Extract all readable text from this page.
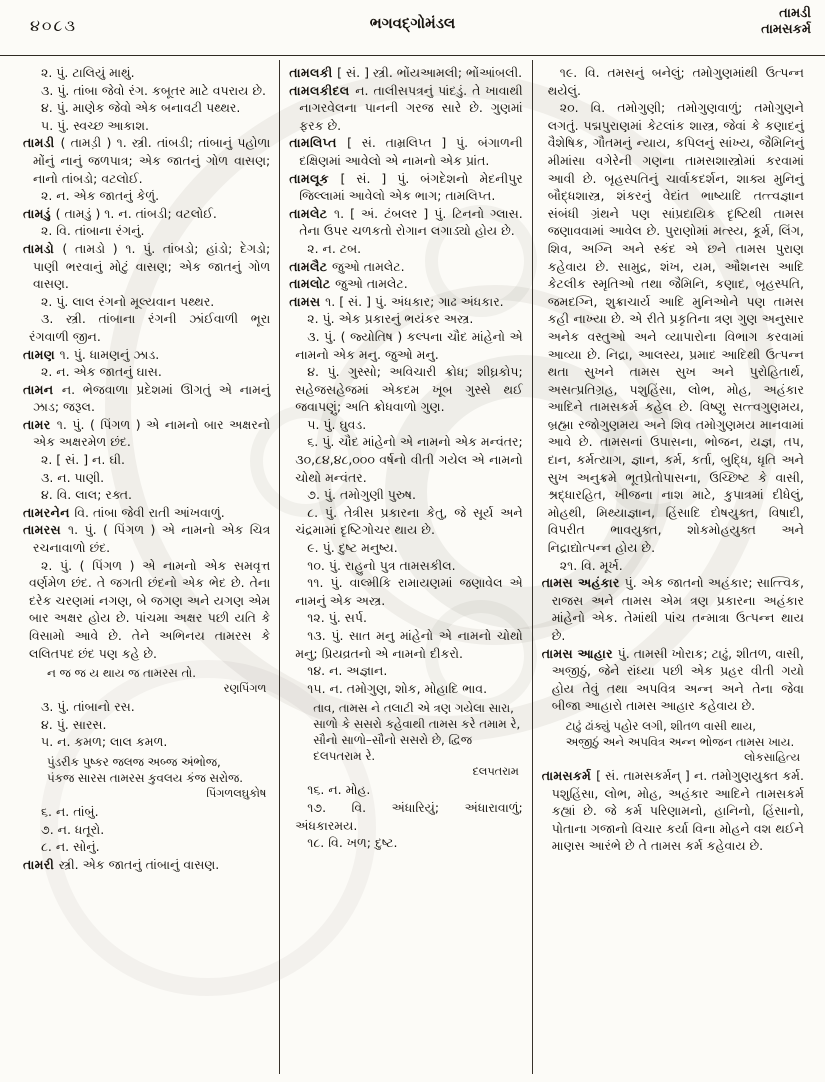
૪૦૮૩	ભગવદ્ગોમંડલ
તામડી
તામસકર્મ

૨. પું. ટાલિયું માથું.

૩. પું. તાંબા જેવો રંગ. કબૂતર માટે વપરાય છે.

૪. પું. માણેક જેવો એક બનાવટી પથ્થર.

૫. પું. સ્વચ્છ આકાશ.

તામડી ( તામડ઼ી ) ૧. સ્ત્રી. તાંબડી; તાંબાનું પહોળા મોંનું નાનું જળપાત્ર; એક જાતનું ગોળ વાસણ; નાનો તાંબડો; વટલોઈ.

૨. ન. એક જાતનું કેળું.

તામડું ( તામડું ) ૧. ન. તાંબડી; વટલોઈ.

૨. વિ. તાંબાના રંગનું.

તામડો ( તામડો ) ૧. પું. તાંબડો; હાંડો; દેગડો; પાણી ભરવાનું મોટું વાસણ; એક જાતનું ગોળ વાસણ.

૨. પું. લાલ રંગનો મૂલ્યવાન પથ્થર.

૩. સ્ત્રી. તાંબાના રંગની ઝાંઈવાળી ભૂરા રંગવાળી જીન.

તામણ ૧. પું. ધામણનું ઝાડ.

૨. ન. એક જાતનું ઘાસ.

તામન ન. ભેજવાળા પ્રદેશમાં ઊગતું એ નામનું ઝાડ; જરૂલ.

તામર ૧. પું. ( પિંગળ ) એ નામનો બાર અક્ષરનો એક અક્ષરમેળ છંદ.

૨. [ સં. ] ન. ઘી.

૩. ન. પાણી.

૪. વિ. લાલ; રક્ત.

તામરનેન વિ. તાંબા જેવી રાતી આંખવાળું.

તામરસ ૧. પું. ( પિંગળ ) એ નામનો એક ચિત્ર રચનાવાળો છંદ.

૨. પું. ( પિંગળ ) એ નામનો એક સમવૃત્ત વર્ણમેળ છંદ. તે જગતી છંદનો એક ભેદ છે. તેના દરેક ચરણમાં નગણ, બે જગણ અને યગણ એમ બાર અક્ષર હોય છે. પાંચમા અક્ષર પછી યતિ કે વિસામો આવે છે. તેને અભિનય તામરસ કે લલિતપદ છંદ પણ કહે છે.

ન જ જ ય થાય જ તામરસ તો.
રણપિંગળ

૩. પું. તાંબાનો રસ.

૪. પું. સારસ.

૫. ન. કમળ; લાલ કમળ.

પુંડરીક પુષ્કર જલજ અબ્જ અંભોજ,
પંકજ સારસ તામરસ કુવલય કંજ સરોજ.
પિંગળલઘુકોષ

૬. ન. તાંબું.

૭. ન. ધતૂરો.

૮. ન. સોનું.

તામરી સ્ત્રી. એક જાતનું તાંબાનું વાસણ.

તામલકી [ સં. ] સ્ત્રી. ભોંયઆમલી; ભોંઆંબલી.

તામલકીદલ ન. તાલીસપત્રનું પાંદડું. તે ખાવાથી નાગરવેલના પાનની ગરજ સારે છે. ગુણમાં ફરક છે.

તામલિપ્ત [ સં. તામ્રલિપ્ત ] પું. બંગાળની દક્ષિણમાં આવેલો એ નામનો એક પ્રાંત.

તામલૂક [ સં. ] પું. બંગદેશનો મેદનીપુર જિલ્લામાં આવેલો એક ભાગ; તામલિપ્ત.

તામલેટ ૧. [ અં. ટંબલર ] પું. ટિનનો ગ્લાસ. તેના ઉપર ચળકતો રોગાન લગાડ્યો હોય છે.

૨. ન. ટબ.

તામલૈટ જુઓ તામલેટ.

તામલોટ જુઓ તામલેટ.

તામસ ૧. [ સં. ] પું. અંધકાર; ગાઢ અંધકાર.

૨. પું. એક પ્રકારનું ભયંકર અસ્ત્ર.

૩. પું. ( જ્યોતિષ ) કલ્પના ચૌદ માંહેનો એ નામનો એક મનુ. જુઓ મનુ.

૪. પું. ગુસ્સો; અવિચારી ક્રોધ; શીઘ્રકોપ; સહેજસહેજમાં એકદમ ખૂબ ગુસ્સે થઈ જવાપણું; અતિ ક્રોધવાળો ગુણ.

૫. પું. ઘુવડ.

૬. પું. ચૌદ માંહેનો એ નામનો એક મન્વંતર; ૩૦,૮૪,૪૮,૦૦૦ વર્ષનો વીતી ગયેલ એ નામનો ચોથો મન્વંતર.

૭. પું. તમોગુણી પુરુષ.

૮. પું. તેત્રીસ પ્રકારના કેતુ, જે સૂર્ય અને ચંદ્રમામાં દૃષ્ટિગોચર થાય છે.

૯. પું. દુષ્ટ મનુષ્ય.

૧૦. પું. રાહુનો પુત્ર તામસકીલ.

૧૧. પું. વાલ્મીકિ રામાયણમાં જણાવેલ એ નામનું એક અસ્ત્ર.

૧૨. પું. સર્પ.

૧૩. પું. સાત મનુ માંહેનો એ નામનો ચોથો મનુ; પ્રિયવ્રતનો એ નામનો દીકરો.

૧૪. ન. અજ્ઞાન.

૧૫. ન. તમોગુણ, શોક, મોહાદિ ભાવ.

તાવ, તામસ ને તલાટી એ ત્રણ ગયેલા સારા,
સાળો કે સસરો કહેવાથી તામસ કરે તમામ રે,
સૌનો સાળો–સૌનો સસરો છે, દ્વિજ દલપતરામ રે.
દલપતરામ

૧૬. ન. મોહ.

૧૭. વિ. અંધારિયું; અંધારાવાળું; અંધકારમય.

૧૮. વિ. ખળ; દુષ્ટ.

૧૯. વિ. તમસનું બનેલું; તમોગુણમાંથી ઉત્પન્ન થયેલું.

૨૦. વિ. તમોગુણી; તમોગુણવાળું; તમોગુણને લગતું. પદ્મપુરાણમાં કેટલાંક શાસ્ત્ર, જેવાં કે કણાદનું વૈશેષિક, ગૌતમનું ન્યાય, કપિલનું સાંખ્ય, જૈમિનિનું મીમાંસા વગેરેની ગણના તામસશાસ્ત્રોમાં કરવામાં આવી છે. બૃહસ્પતિનું ચાર્વાકદર્શન, શાક્ય મુનિનું બૌદ્ધશાસ્ત્ર, શંકરનું વેદાંત ભાષ્યાદિ તત્ત્વજ્ઞાન સંબંધી ગ્રંથને પણ સાંપ્રદાયિક દૃષ્ટિથી તામસ જણાવવામાં આવેલ છે. પુરાણોમાં મત્સ્ય, કૂર્મ, લિંગ, શિવ, અગ્નિ અને સ્કંદ એ છને તામસ પુરાણ કહેવાય છે. સામુદ્ર, શંખ, યમ, ઔશનસ આદિ કેટલીક સ્મૃતિઓ તથા જૈમિનિ, કણાદ, બૃહસ્પતિ, જમદગ્નિ, શુક્રાચાર્ય આદિ મુનિઓને પણ તામસ કહી નાખ્યા છે. એ રીતે પ્રકૃતિના ત્રણ ગુણ અનુસાર અનેક વસ્તુઓ અને વ્યાપારોના વિભાગ કરવામાં આવ્યા છે. નિદ્રા, આલસ્ય, પ્રમાદ આદિથી ઉત્પન્ન થતા સુખને તામસ સુખ અને પુરોહિતાર્થ, અસત્પ્રતિગ્રહ, પશુહિંસા, લોભ, મોહ, અહંકાર આદિને તામસકર્મ કહેલ છે. વિષ્ણુ સત્ત્વગુણમય, બ્રહ્મા રજોગુણમય અને શિવ તમોગુણમય માનવામાં આવે છે. તામસનાં ઉપાસના, ભોજન, યજ્ઞ, તપ, દાન, કર્મત્યાગ, જ્ઞાન, કર્મ, કર્તા, બુદ્ધિ, ધૃતિ અને સુખ અનુક્રમે ભૂતપ્રેતોપાસના, ઉચ્છિષ્ટ કે વાસી, શ્રદ્ધારહિત, ખીજના નાશ માટે, કુપાત્રમાં દીધેલું, મોહથી, મિથ્યાજ્ઞાન, હિંસાદિ દોષયુક્ત, વિષાદી, વિપરીત ભાવયુક્ત, શોકમોહયુક્ત અને નિદ્રાદ્યોત્પન્ન હોય છે.

૨૧. વિ. મૂર્ખ.

તામસ અહંકાર પું. એક જાતનો અહંકાર; સાત્ત્વિક, રાજસ અને તામસ એમ ત્રણ પ્રકારના અહંકાર માંહેનો એક. તેમાંથી પાંચ તન્માત્રા ઉત્પન્ન થાય છે.

તામસ આહાર પું. તામસી ખોરાક; ટાઢું, શીતળ, વાસી, અજીઠું, જેને રાંધ્યા પછી એક પ્રહર વીતી ગયો હોય તેવું તથા અપવિત્ર અન્ન અને તેના જેવા બીજા આહારો તામસ આહાર કહેવાય છે.

ટાઢું ઢાંક્યું પહોર લગી, શીતળ વાસી થાય,
અજીઠું અને અપવિત્ર અન્ન ભોજન તામસ ખાય.
લોકસાહિત્ય

તામસકર્મ [ સં. તામસકર્મન્ ] ન. તમોગુણયુક્ત કર્મ. પશુહિંસા, લોભ, મોહ, અહંકાર આદિને તામસકર્મ કહ્યાં છે. જે કર્મ પરિણામનો, હાનિનો, હિંસાનો, પોતાના ગજાનો વિચાર કર્યા વિના મોહને વશ થઈને માણસ આરંભે છે તે તામસ કર્મ કહેવાય છે.
